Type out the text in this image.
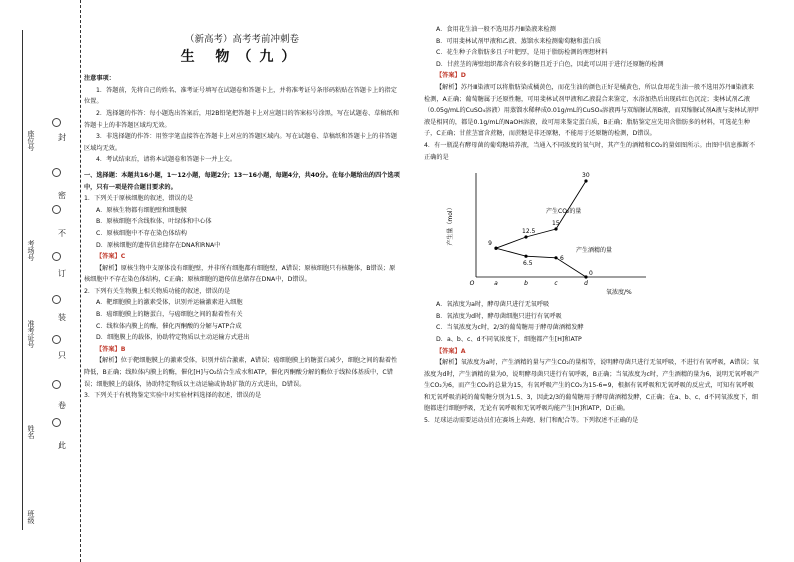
座位号
考场号
准考证号
姓名
班级
封
密
不
订
装
只
卷
此
（新高考）高考考前冲刺卷
生 物（九）

注意事项：

1．答题前，先将自己的姓名、准考证号填写在试题卷和答题卡上，并将准考证号条形码粘贴在答题卡上的指定位置。

2．选择题的作答：每小题选出答案后，用2B铅笔把答题卡上对应题目的答案标号涂黑，写在试题卷、草稿纸和答题卡上的非答题区域均无效。

3．非选择题的作答：用签字笔直接答在答题卡上对应的答题区域内。写在试题卷、草稿纸和答题卡上的非答题区域均无效。

4．考试结束后，请将本试题卷和答题卡一并上交。

一、选择题：本题共16小题，1～12小题，每题2分；13～16小题，每题4分，共40分。在每小题给出的四个选项中，只有一项是符合题目要求的。

1．下列关于原核细胞的叙述，错误的是

A．原核生物都有细胞壁和细胞膜

B．原核细胞不含线粒体、叶绿体和中心体

C．原核细胞中不存在染色体结构

D．原核细胞的遗传信息储存在DNA和RNA中

【答案】C

【解析】原核生物中支原体没有细胞壁，并非所有细胞都有细胞壁，A错误；原核细胞只有核糖体，B错误；原核细胞中不存在染色体结构，C正确；原核细胞的遗传信息储存在DNA中，D错误。

2．下列有关生物膜上相关物质功能的叙述，错误的是

A．靶细胞膜上的激素受体，识别并运输激素进入细胞

B．癌细胞膜上的糖蛋白，与癌细胞之间的黏着性有关

C．线粒体内膜上的酶，催化丙酮酸的分解与ATP合成

D．细胞膜上的载体，协助特定物质以主动运输方式进出

【答案】B

【解析】位于靶细胞膜上的激素受体，识别并结合激素，A错误；癌细胞膜上的糖蛋白减少，细胞之间的黏着性降低，B正确；线粒体内膜上的酶，催化[H]与O₂结合生成水和ATP，催化丙酮酸分解的酶位于线粒体基质中，C错误；细胞膜上的载体，协助特定物质以主动运输或协助扩散的方式进出，D错误。

3．下列关于有机物鉴定实验中对实验材料选择的叙述，错误的是

A．食用花生油一般不选用苏丹Ⅲ染液来检测

B．可用斐林试剂甲液和乙液、蒸馏水来检测葡萄糖和蛋白质

C．花生种子含脂肪多且子叶肥厚，是用于脂肪检测的理想材料

D．甘蔗茎的薄壁组织都含有较多的糖且近于白色，因此可以用于进行还原糖的检测

【答案】D

【解析】苏丹Ⅲ染液可以将脂肪染成橘黄色，而花生油的颜色正好是橘黄色，所以食用花生油一般不选用苏丹Ⅲ染液来检测，A正确；葡萄糖属于还原性糖，可用斐林试剂甲液和乙液混合来鉴定，水浴加热后出现砖红色沉淀；斐林试剂乙液（0.05g/mL的CuSO₄溶液）用蒸馏水稀释成0.01g/mL的CuSO₄溶液再与双缩脲试剂B液，而双缩脲试剂A液与斐林试剂甲液是相同的，都是0.1g/mL的NaOH溶液，故可用来鉴定蛋白质，B正确；脂肪鉴定应先用含脂肪多的材料，可选花生种子，C正确；甘蔗茎富含蔗糖，而蔗糖是非还原糖，不能用于还原糖的检测，D错误。

4．有一瓶混有酵母菌的葡萄糖培养液，当通入不同浓度的氧气时，其产生的酒精和CO₂的量如图所示。由图中信息推断不正确的是

产生量（mol）
氧浓度/%
O	a	b	c	d
9
12.5
15
30
6.5
6
0
产生CO₂的量
产生酒精的量

A．氧浓度为a时，酵母菌只进行无氧呼吸

B．氧浓度为d时，酵母菌细胞只进行有氧呼吸

C．当氧浓度为c时，2/3的葡萄糖用于酵母菌酒精发酵

D．a、b、c、d不同氧浓度下，细胞都产生[H]和ATP

【答案】A

【解析】氧浓度为a时，产生酒精的量与产生CO₂的量相等，说明酵母菌只进行无氧呼吸，不进行有氧呼吸，A错误；氧浓度为d时，产生酒精的量为0，说明酵母菌只进行有氧呼吸，B正确；当氧浓度为c时，产生酒精的量为6，说明无氧呼吸产生CO₂为6，而产生CO₂的总量为15，有氧呼吸产生的CO₂为15-6=9，根据有氧呼吸和无氧呼吸的反应式，可知有氧呼吸和无氧呼吸消耗的葡萄糖分别为1.5、3，因此2/3的葡萄糖用于酵母菌酒精发酵，C正确；在a、b、c、d不同氧浓度下，细胞都进行细胞呼吸，无论有氧呼吸和无氧呼吸均能产生[H]和ATP，D正确。

5．足球运动需要运动员们在赛场上奔跑、射门和配合等。下列叙述不正确的是
